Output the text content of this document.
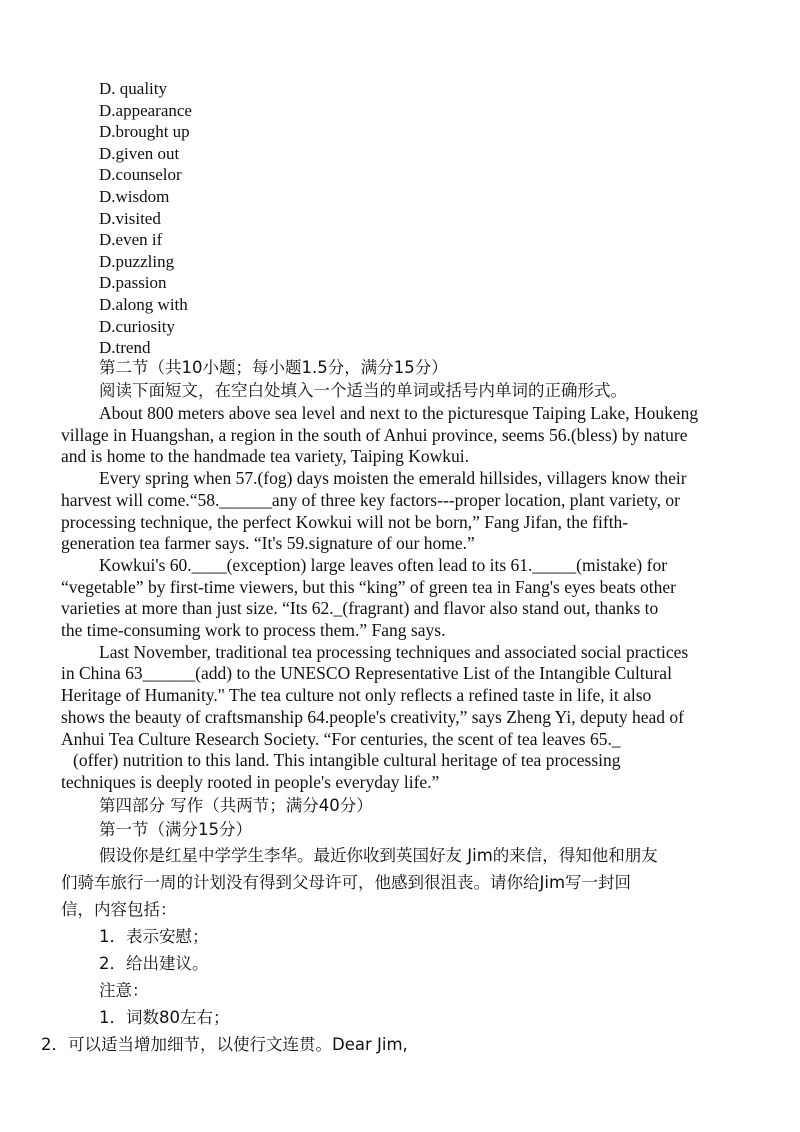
D. quality
D.appearance
D.brought up
D.given out
D.counselor
D.wisdom
D.visited
D.even if
D.puzzling
D.passion
D.along with
D.curiosity
D.trend
第二节（共10小题；每小题1.5分，满分15分）
阅读下面短文，在空白处填入一个适当的单词或括号内单词的正确形式。
About 800 meters above sea level and next to the picturesque Taiping Lake, Houkeng
village in Huangshan, a region in the south of Anhui province, seems 56.(bless) by nature
and is home to the handmade tea variety, Taiping Kowkui.
Every spring when 57.(fog) days moisten the emerald hillsides, villagers know their
harvest will come.“58.______any of three key factors---proper location, plant variety, or
processing technique, the perfect Kowkui will not be born,” Fang Jifan, the fifth-
generation tea farmer says. “It's 59.signature of our home.”
Kowkui's 60.____(exception) large leaves often lead to its 61._____(mistake) for
“vegetable” by first-time viewers, but this “king” of green tea in Fang's eyes beats other
varieties at more than just size. “Its 62._(fragrant) and flavor also stand out, thanks to
the time-consuming work to process them.” Fang says.
Last November, traditional tea processing techniques and associated social practices
in China 63______(add) to the UNESCO Representative List of the Intangible Cultural
Heritage of Humanity." The tea culture not only reflects a refined taste in life, it also
shows the beauty of craftsmanship 64.people's creativity,” says Zheng Yi, deputy head of
Anhui Tea Culture Research Society. “For centuries, the scent of tea leaves 65._
(offer) nutrition to this land. This intangible cultural heritage of tea processing
techniques is deeply rooted in people's everyday life.”
第四部分 写作（共两节；满分40分）
第一节（满分15分）
假设你是红星中学学生李华。最近你收到英国好友 Jim的来信，得知他和朋友
们骑车旅行一周的计划没有得到父母许可，他感到很沮丧。请你给Jim写一封回
信，内容包括：
1．表示安慰；
2．给出建议。
注意：
1．词数80左右；
2．可以适当增加细节，以使行文连贯。Dear Jim,
